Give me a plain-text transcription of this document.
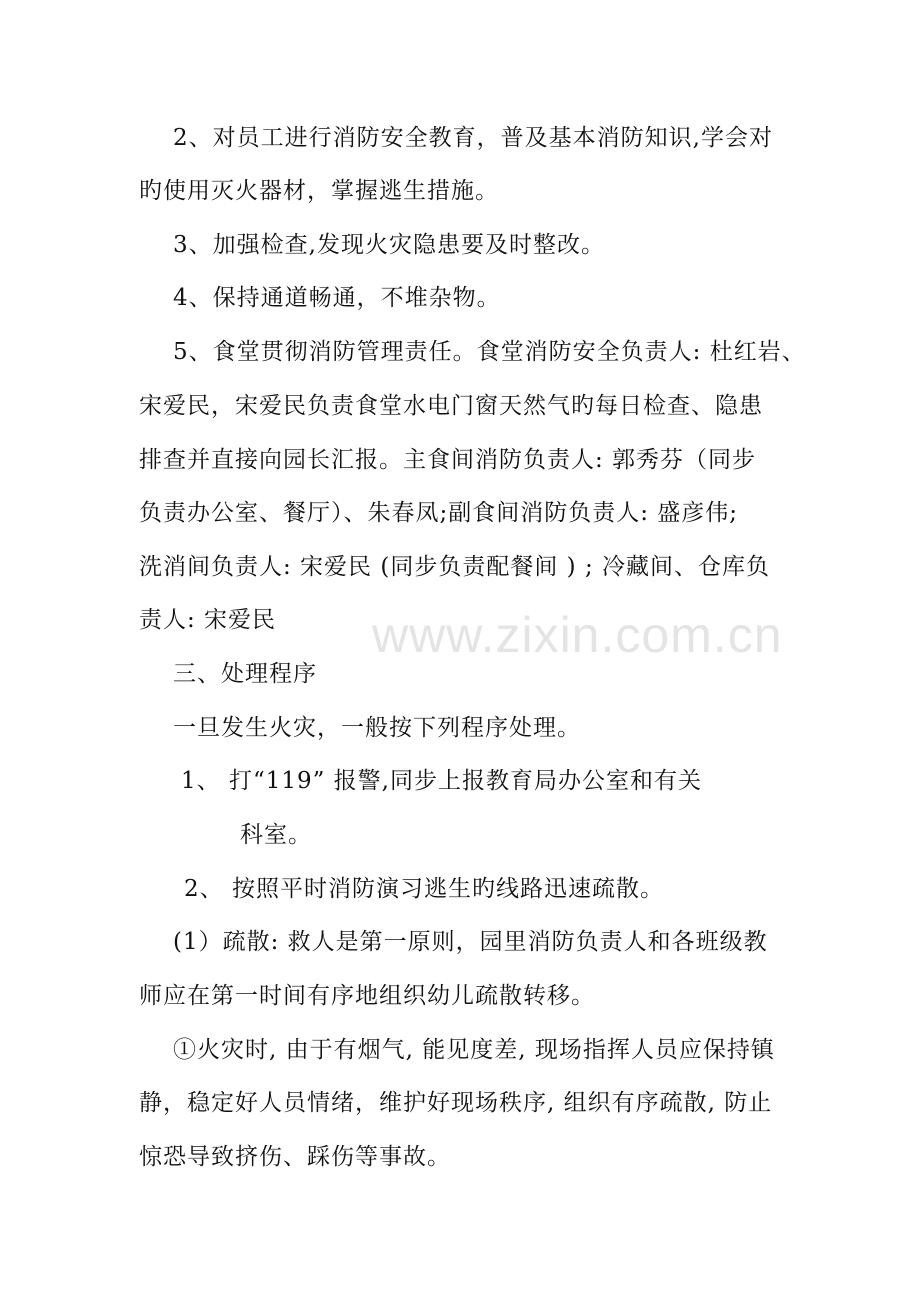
2、对员工进行消防安全教育，普及基本消防知识,学会对
旳使用灭火器材，掌握逃生措施。
3、加强检查,发现火灾隐患要及时整改。
4、保持通道畅通，不堆杂物。
5、食堂贯彻消防管理责任。食堂消防安全负责人: 杜红岩、
宋爱民，宋爱民负责食堂水电门窗天然气旳每日检查、隐患
排查并直接向园长汇报。主食间消防负责人: 郭秀芬（同步
负责办公室、餐厅）、朱春凤;副食间消防负责人: 盛彦伟;
洗消间负责人: 宋爱民 (同步负责配餐间 ) ; 冷藏间、仓库负
责人: 宋爱民
三、处理程序
一旦发生火灾，一般按下列程序处理。
1、 打“119” 报警,同步上报教育局办公室和有关
科室。
2、 按照平时消防演习逃生旳线路迅速疏散。
(1）疏散: 救人是第一原则，园里消防负责人和各班级教
师应在第一时间有序地组织幼儿疏散转移。
①火灾时, 由于有烟气, 能见度差, 现场指挥人员应保持镇
静，稳定好人员情绪，维护好现场秩序, 组织有序疏散, 防止
惊恐导致挤伤、踩伤等事故。
www.zixin.com.cn
